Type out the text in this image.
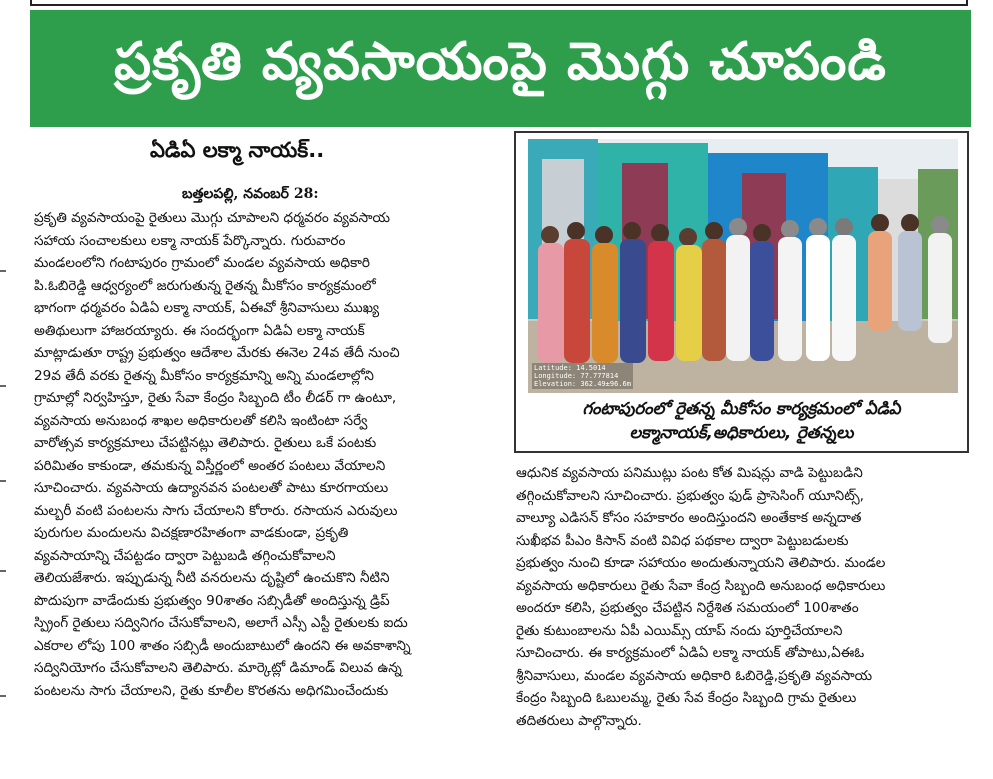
ప్రకృతి వ్యవసాయంపై మొగ్గు చూపండి
ఏడిఏ లక్మా నాయక్..
బత్తలపల్లి, నవంబర్ 28:
ప్రకృతి వ్యవసాయంపై రైతులు మొగ్గు చూపాలని ధర్మవరం వ్యవసాయ
సహాయ సంచాలకులు లక్మా నాయక్ పేర్కొన్నారు. గురువారం
మండలంలోని గంటాపురం గ్రామంలో మండల వ్యవసాయ అధికారి
పి.ఓబిరెడ్డి ఆధ్వర్యంలో జరుగుతున్న రైతన్న మీకోసం కార్యక్రమంలో
భాగంగా ధర్మవరం ఏడిఏ లక్మా నాయక్, ఏఈవో శ్రీనివాసులు ముఖ్య
అతిథులుగా హాజరయ్యారు. ఈ సందర్భంగా ఏడిఏ లక్మా నాయక్
మాట్లాడుతూ రాష్ట్ర ప్రభుత్వం ఆదేశాల మేరకు ఈనెల 24వ తేదీ నుంచి
29వ తేదీ వరకు రైతన్న మీకోసం కార్యక్రమాన్ని అన్ని మండలాల్లోని
గ్రామాల్లో నిర్వహిస్తూ, రైతు సేవా కేంద్రం సిబ్బంది టీం లీడర్ గా ఉంటూ,
వ్యవసాయ అనుబంధ శాఖల అధికారులతో కలిసి ఇంటింటా సర్వే
వారోత్సవ కార్యక్రమాలు చేపట్టినట్లు తెలిపారు. రైతులు ఒకే పంటకు
పరిమితం కాకుండా, తమకున్న విస్తీర్ణంలో అంతర పంటలు వేయాలని
సూచించారు. వ్యవసాయ ఉద్యానవన పంటలతో పాటు కూరగాయలు
మల్బరీ వంటి పంటలను సాగు చేయాలని కోరారు. రసాయన ఎరువులు
పురుగుల మందులను విచక్షణారహితంగా వాడకుండా, ప్రకృతి
వ్యవసాయాన్ని చేపట్టడం ద్వారా పెట్టుబడి తగ్గించుకోవాలని
తెలియజేశారు. ఇప్పుడున్న నీటి వనరులను దృష్టిలో ఉంచుకొని నీటిని
పొదుపుగా వాడేందుకు ప్రభుత్వం 90శాతం సబ్సిడీతో అందిస్తున్న డ్రిప్
స్ప్రింగ్ రైతులు సద్వినిగం చేసుకోవాలని, అలాగే ఎస్సీ ఎస్టీ రైతులకు ఐదు
ఎకరాల లోపు 100 శాతం సబ్సిడీ అందుబాటులో ఉందని ఈ అవకాశాన్ని
సద్వినియోగం చేసుకోవాలని తెలిపారు. మార్కెట్లో డిమాండ్ విలువ ఉన్న
పంటలను సాగు చేయాలని, రైతు కూలీల కొరతను అధిగమించేందుకు
Latitude: 14.5014
Longitude: 77.777814
Elevation: 362.49±96.6m
గంటాపురంలో రైతన్న మీకోసం కార్యక్రమంలో ఏడిఏ
లక్మానాయక్,అధికారులు, రైతన్నలు
ఆధునిక వ్యవసాయ పనిముట్లు పంట కోత మిషన్లు వాడి పెట్టుబడిని
తగ్గించుకోవాలని సూచించారు. ప్రభుత్వం ఫుడ్ ప్రాసెసింగ్ యూనిట్స్,
వాల్యూ ఎడిసన్ కోసం సహకారం అందిస్తుందని అంతేకాక అన్నదాత
సుఖీభవ పీఎం కిసాన్ వంటి వివిధ పథకాల ద్వారా పెట్టుబడులకు
ప్రభుత్వం నుంచి కూడా సహాయం అందుతున్నాయని తెలిపారు. మండల
వ్యవసాయ అధికారులు రైతు సేవా కేంద్ర సిబ్బంది అనుబంధ అధికారులు
అందరూ కలిసి, ప్రభుత్వం చేపట్టిన నిర్దేశిత సమయంలో 100శాతం
రైతు కుటుంబాలను ఏపీ ఎయిమ్స్ యాప్ నందు పూర్తిచేయాలని
సూచించారు. ఈ కార్యక్రమంలో ఏడిఏ లక్మా నాయక్ తోపాటు,ఏఈఓ
శ్రీనివాసులు, మండల వ్యవసాయ అధికారి ఓబిరెడ్డి,ప్రకృతి వ్యవసాయ
కేంద్రం సిబ్బంది ఓబులమ్మ, రైతు సేవ కేంద్రం సిబ్బంది గ్రామ రైతులు
తదితరులు పాల్గొన్నారు.
